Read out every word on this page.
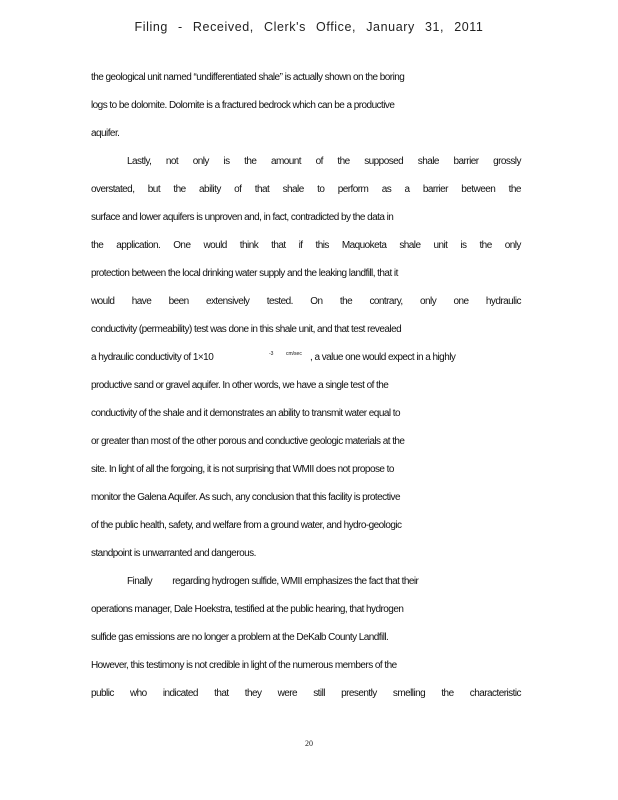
Filing - Received, Clerk's Office, January 31, 2011
the geological unit named “undifferentiated shale” is actually shown on the boring
logs to be dolomite. Dolomite is a fractured bedrock which can be a productive
aquifer.
Lastly, not only is the amount of the supposed shale barrier grossly
overstated, but the ability of that shale to perform as a barrier between the
surface and lower aquifers is unproven and, in fact, contradicted by the data in
the application. One would think that if this Maquoketa shale unit is the only
protection between the local drinking water supply and the leaking landfill, that it
would have been extensively tested. On the contrary, only one hydraulic
conductivity (permeability) test was done in this shale unit, and that test revealed
a hydraulic conductivity of 1×10	-3	cm/sec , a value one would expect in a highly
productive sand or gravel aquifer. In other words, we have a single test of the
conductivity of the shale and it demonstrates an ability to transmit water equal to
or greater than most of the other porous and conductive geologic materials at the
site. In light of all the forgoing, it is not surprising that WMII does not propose to
monitor the Galena Aquifer. As such, any conclusion that this facility is protective
of the public health, safety, and welfare from a ground water, and hydro-geologic
standpoint is unwarranted and dangerous.
Finally regarding hydrogen sulfide, WMII emphasizes the fact that their
operations manager, Dale Hoekstra, testified at the public hearing, that hydrogen
sulfide gas emissions are no longer a problem at the DeKalb County Landfill.
However, this testimony is not credible in light of the numerous members of the
public who indicated that they were still presently smelling the characteristic
20
